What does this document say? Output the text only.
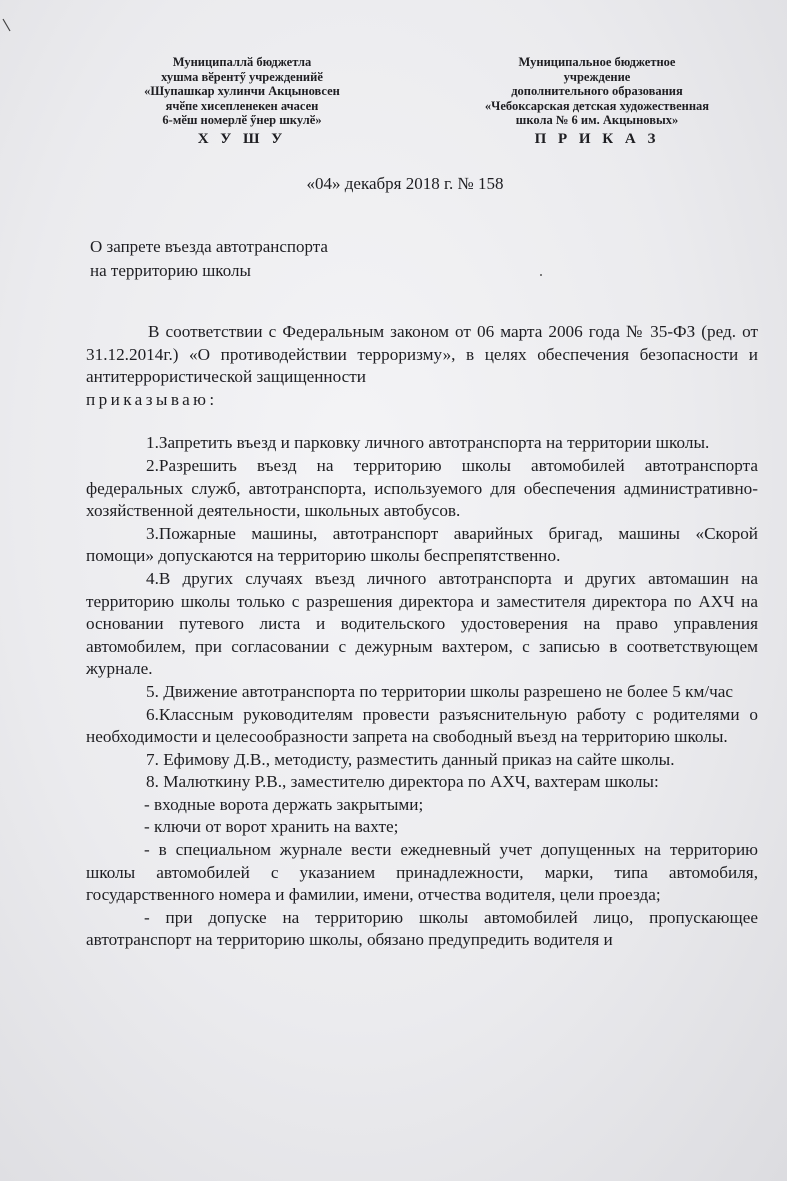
Муниципаллӑ бюджетла
хушма вӗрентӳ учрежденийӗ
«Шупашкар хулинчи Акцыновсен
ячӗпе хисепленекен ачасен
6-мӗш номерлӗ ӳнер шкулӗ»
Х У Ш У
Муниципальное бюджетное
учреждение
дополнительного образования
«Чебоксарская детская художественная
школа № 6 им. Акцыновых»
П Р И К А З
«04» декабря 2018 г. № 158
О запрете въезда автотранспорта
на территорию школы

В соответствии с Федеральным законом от 06 марта 2006 года № 35-ФЗ (ред. от 31.12.2014г.) «О противодействии терроризму», в целях обеспечения безопасности и антитеррористической защищенности

приказываю:

1.Запретить въезд и парковку личного автотранспорта на территории школы.

2.Разрешить въезд на территорию школы автомобилей автотранспорта федеральных служб, автотранспорта, используемого для обеспечения административно-хозяйственной деятельности, школьных автобусов.

3.Пожарные машины, автотранспорт аварийных бригад, машины «Скорой помощи» допускаются на территорию школы беспрепятственно.

4.В других случаях въезд личного автотранспорта и других автомашин на территорию школы только с разрешения директора и заместителя директора по АХЧ на основании путевого листа и водительского удостоверения на право управления автомобилем, при согласовании с дежурным вахтером, с записью в соответствующем журнале.

5. Движение автотранспорта по территории школы разрешено не более 5 км/час

6.Классным руководителям провести разъяснительную работу с родителями о необходимости и целесообразности запрета на свободный въезд на территорию школы.

7. Ефимову Д.В., методисту, разместить данный приказ на сайте школы.

8. Малюткину Р.В., заместителю директора по АХЧ, вахтерам школы:

- входные ворота держать закрытыми;

- ключи от ворот хранить на вахте;

- в специальном журнале вести ежедневный учет допущенных на территорию школы автомобилей с указанием принадлежности, марки, типа автомобиля, государственного номера и фамилии, имени, отчества водителя, цели проезда;

- при допуске на территорию школы автомобилей лицо, пропускающее автотранспорт на территорию школы, обязано предупредить водителя и
